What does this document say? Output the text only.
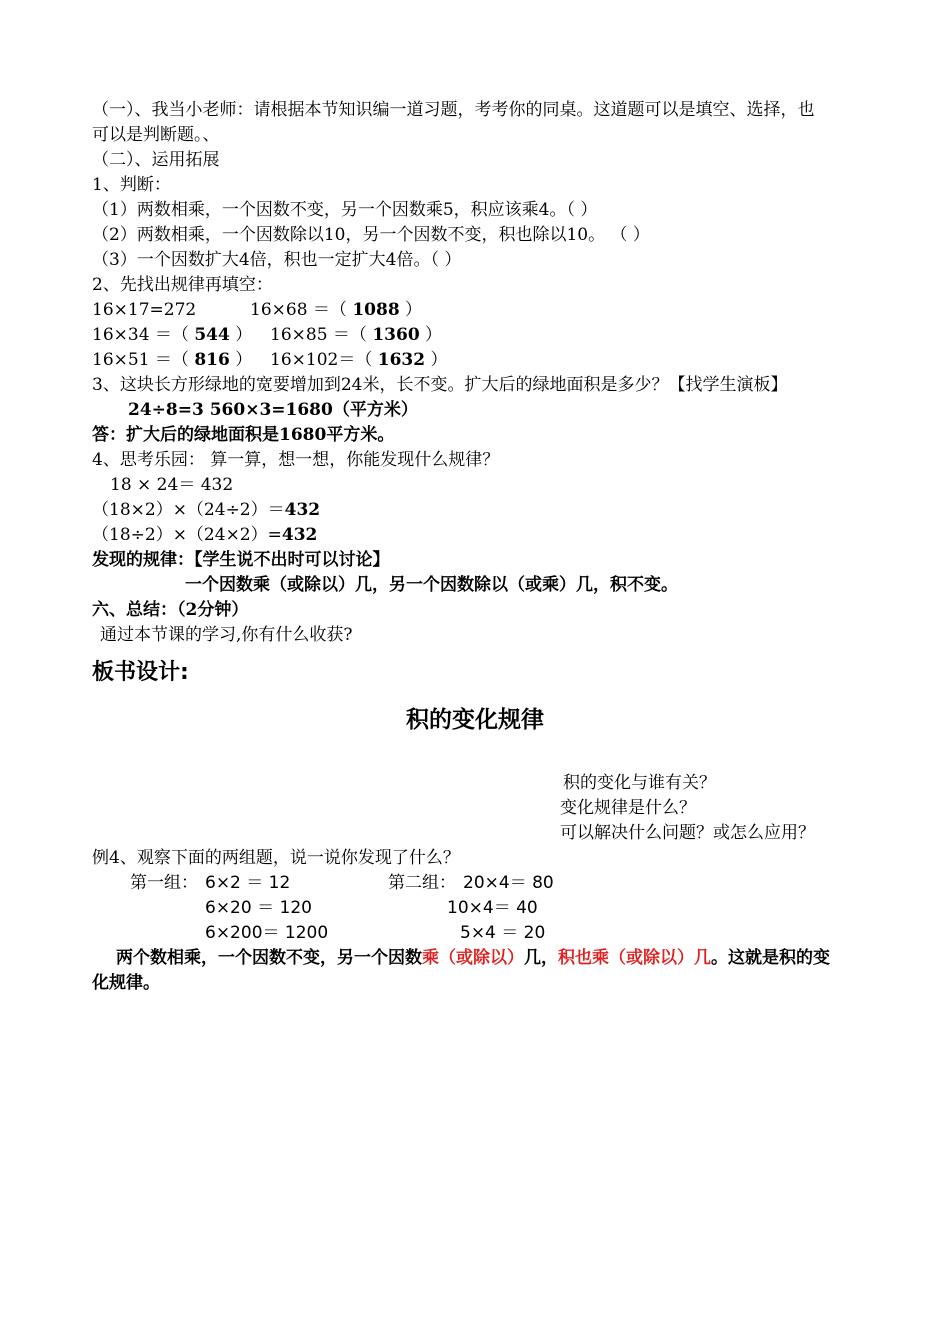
（一）、我当小老师：请根据本节知识编一道习题，考考你的同桌。这道题可以是填空、选择，也
可以是判断题。、
（二）、运用拓展
1、判断：
（1）两数相乘，一个因数不变，另一个因数乘5，积应该乘4。（ ）
（2）两数相乘，一个因数除以10，另一个因数不变，积也除以10。 （ ）
（3）一个因数扩大4倍，积也一定扩大4倍。（ ）
2、先找出规律再填空：
16×17=272	16×68 ＝（ 1088 ）
16×34 ＝（ 544 ） 16×85 ＝（ 1360 ）
16×51 ＝（ 816 ） 16×102＝（ 1632 ）
3、这块长方形绿地的宽要增加到24米，长不变。扩大后的绿地面积是多少？【找学生演板】
24÷8=3 560×3=1680（平方米）
答：扩大后的绿地面积是1680平方米。
4、思考乐园： 算一算，想一想，你能发现什么规律？
18 × 24＝ 432
（18×2）×（24÷2）＝432
（18÷2）×（24×2）=432
发现的规律：【学生说不出时可以讨论】
一个因数乘（或除以）几，另一个因数除以（或乘）几，积不变。
六、总结：（2分钟）
通过本节课的学习,你有什么收获?
板书设计:
积的变化规律
积的变化与谁有关？
变化规律是什么？
可以解决什么问题？或怎么应用？
例4、观察下面的两组题，说一说你发现了什么？
第一组： 6×2 ＝ 12
6×20 ＝ 120
6×200＝ 1200
第二组： 20×4＝ 80
10×4＝ 40
5×4 ＝ 20
两个数相乘，一个因数不变，另一个因数乘（或除以）几，积也乘（或除以）几。这就是积的变
化规律。
